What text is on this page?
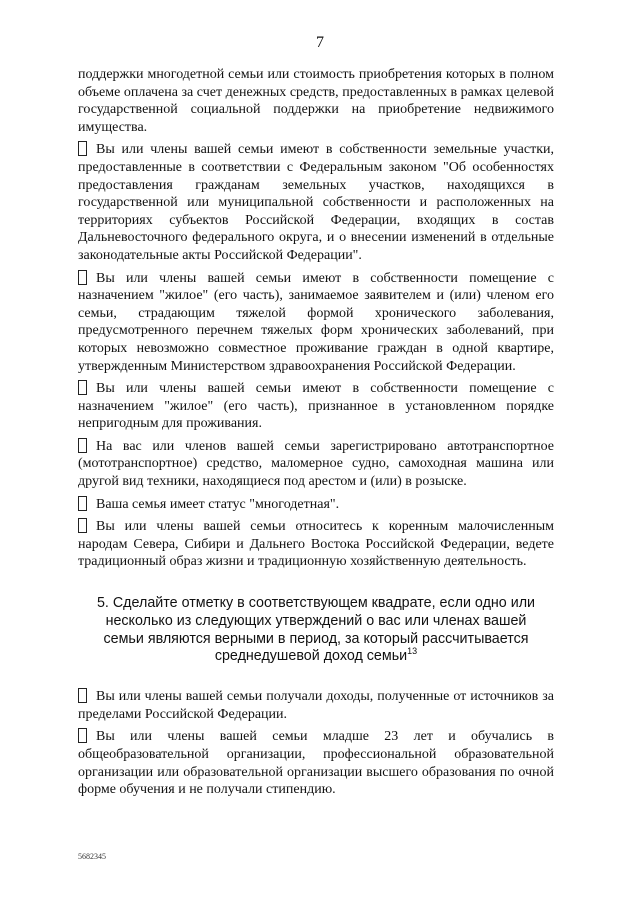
7

поддержки многодетной семьи или стоимость приобретения которых в полном объеме оплачена за счет денежных средств, предоставленных в рамках целевой государственной социальной поддержки на приобретение недвижимого имущества.

Вы или члены вашей семьи имеют в собственности земельные участки, предоставленные в соответствии с Федеральным законом "Об особенностях предоставления гражданам земельных участков, находящихся в государственной или муниципальной собственности и расположенных на территориях субъектов Российской Федерации, входящих в состав Дальневосточного федерального округа, и о внесении изменений в отдельные законодательные акты Российской Федерации".
Вы или члены вашей семьи имеют в собственности помещение с назначением "жилое" (его часть), занимаемое заявителем и (или) членом его семьи, страдающим тяжелой формой хронического заболевания, предусмотренного перечнем тяжелых форм хронических заболеваний, при которых невозможно совместное проживание граждан в одной квартире, утвержденным Министерством здравоохранения Российской Федерации.
Вы или члены вашей семьи имеют в собственности помещение с назначением "жилое" (его часть), признанное в установленном порядке непригодным для проживания.
На вас или членов вашей семьи зарегистрировано автотранспортное (мототранспортное) средство, маломерное судно, самоходная машина или другой вид техники, находящиеся под арестом и (или) в розыске.
Ваша семья имеет статус "многодетная".
Вы или члены вашей семьи относитесь к коренным малочисленным народам Севера, Сибири и Дальнего Востока Российской Федерации, ведете традиционный образ жизни и традиционную хозяйственную деятельность.
5. Сделайте отметку в соответствующем квадрате, если одно или несколько из следующих утверждений о вас или членах вашей семьи являются верными в период, за который рассчитывается среднедушевой доход семьи$^{13}$
Вы или члены вашей семьи получали доходы, полученные от источников за пределами Российской Федерации.
Вы или члены вашей семьи младше 23 лет и обучались в общеобразовательной организации, профессиональной образовательной организации или образовательной организации высшего образования по очной форме обучения и не получали стипендию.
5682345
